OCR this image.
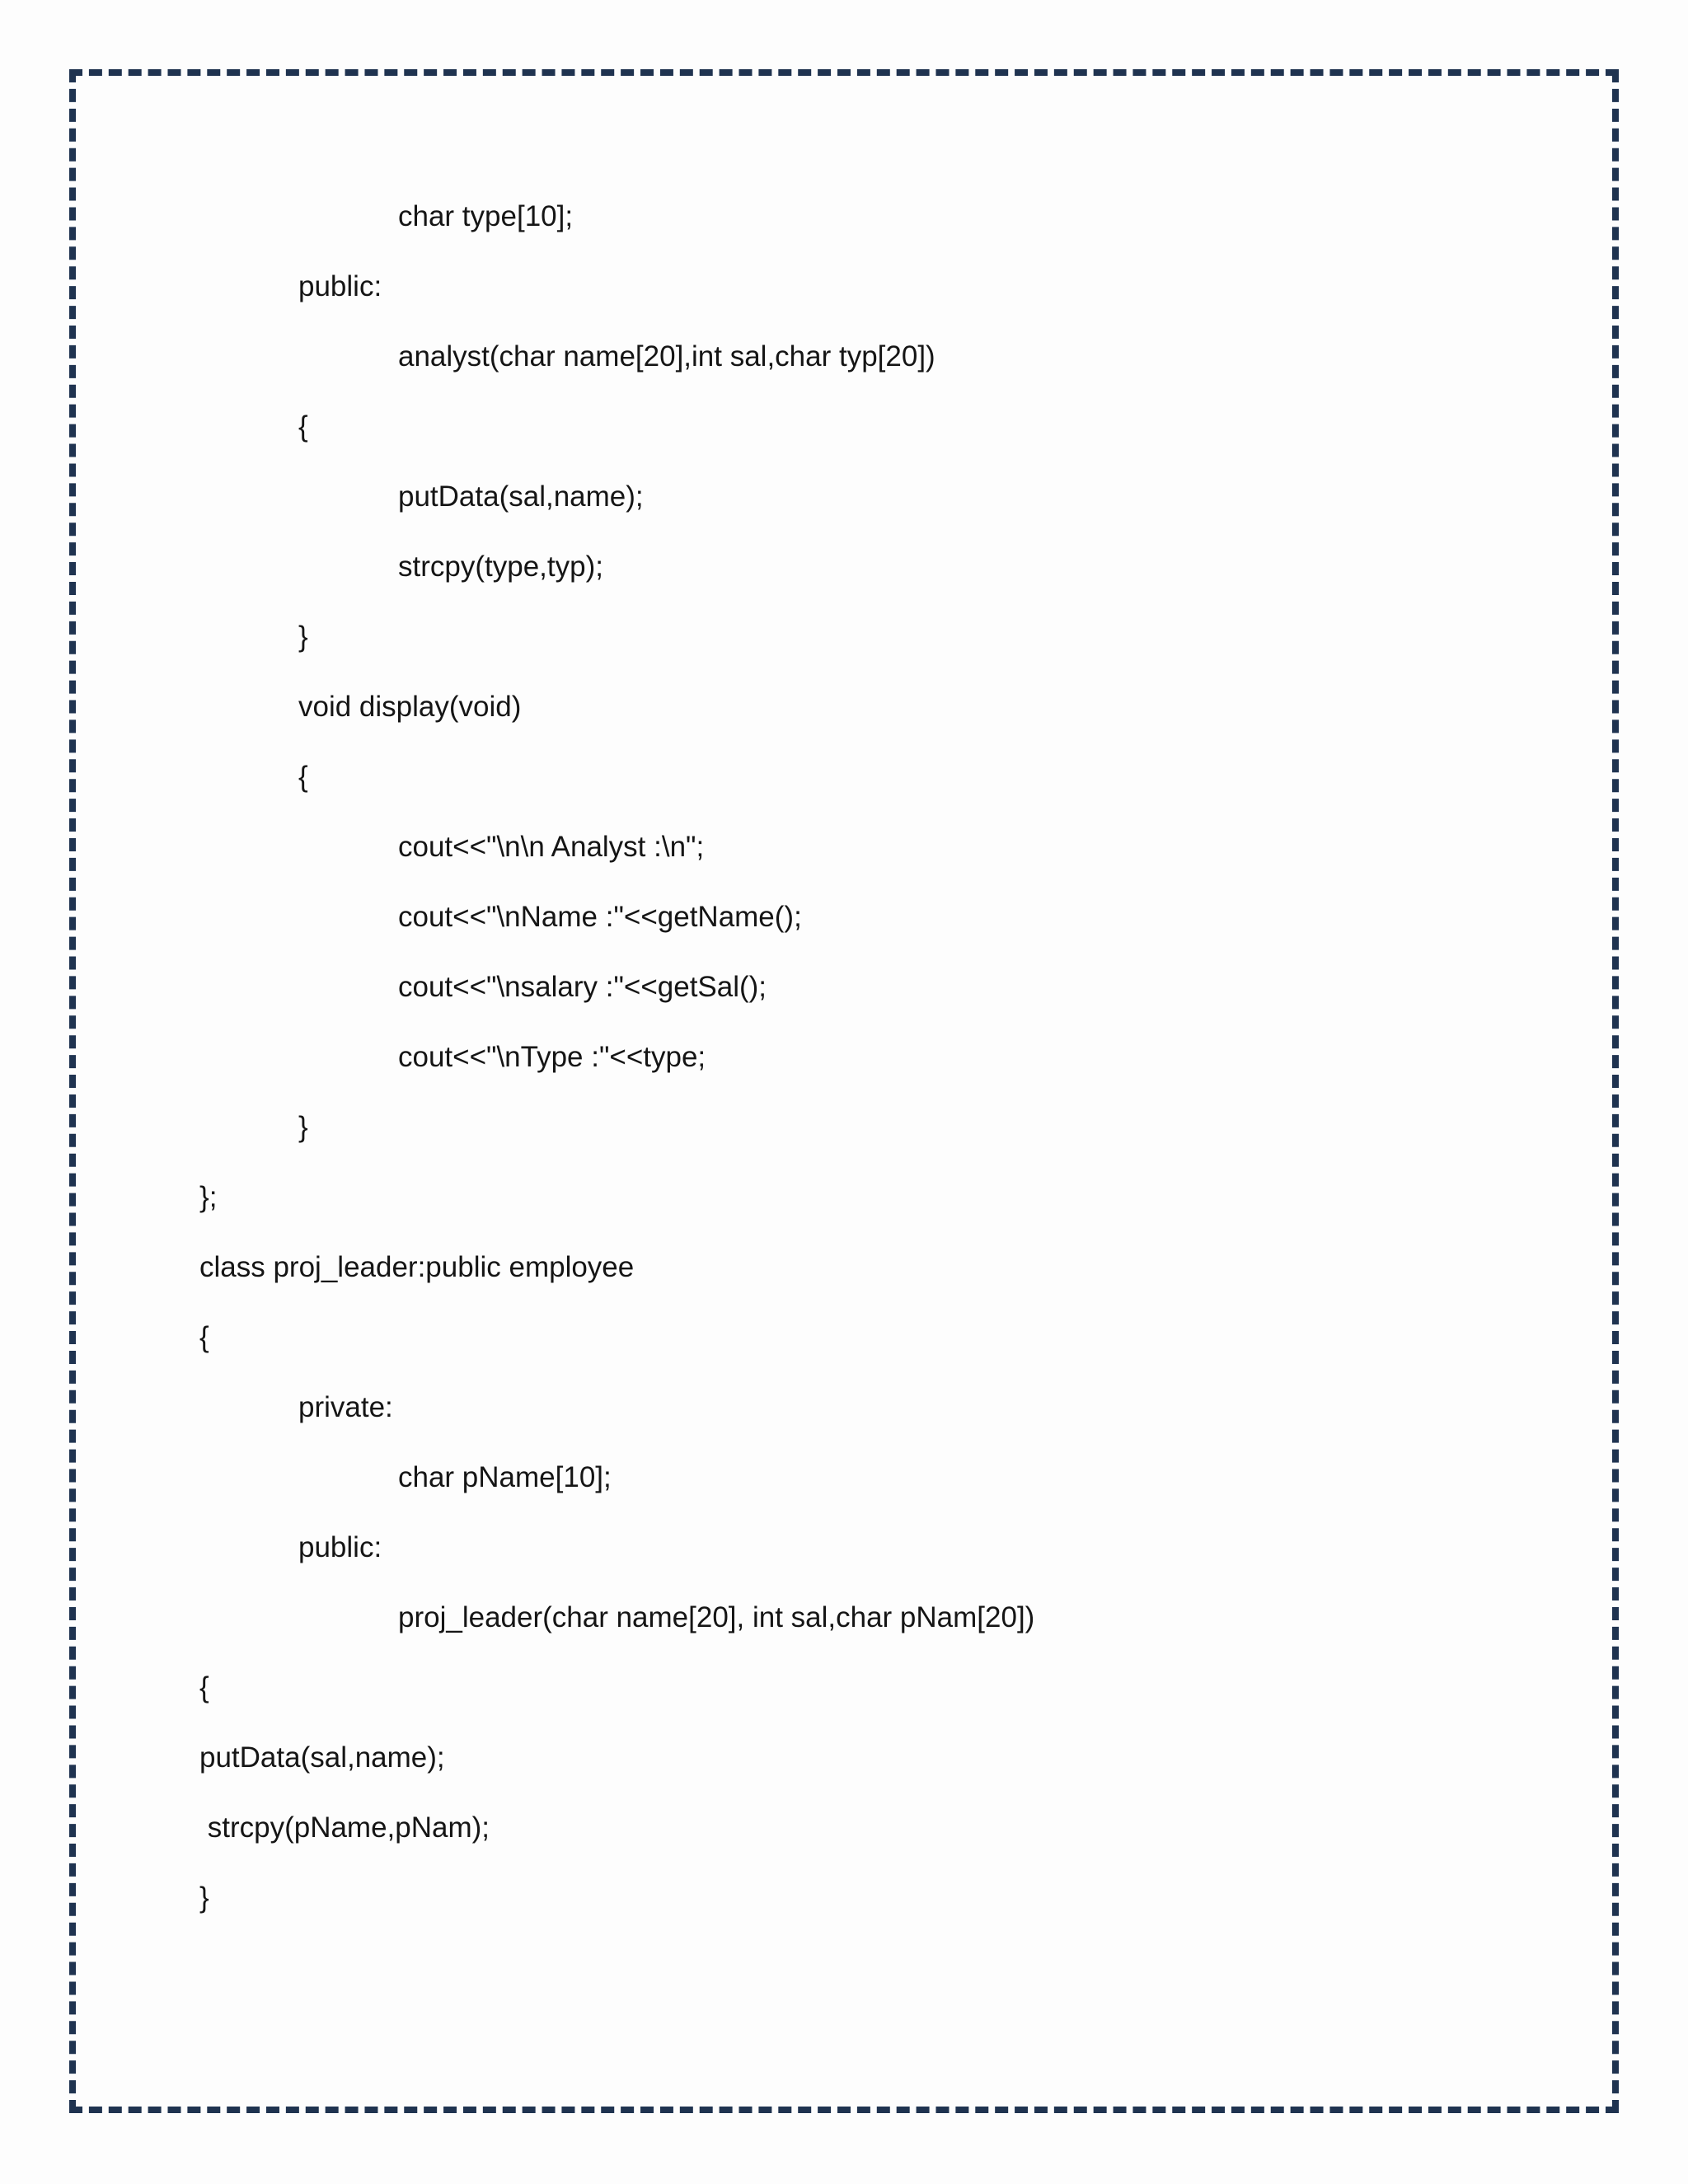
char type[10];
public:
analyst(char name[20],int sal,char typ[20])
{
putData(sal,name);
strcpy(type,typ);
}
void display(void)
{
cout<<"\n\n Analyst :\n";
cout<<"\nName :"<<getName();
cout<<"\nsalary :"<<getSal();
cout<<"\nType :"<<type;
}
};
class proj_leader:public employee
{
private:
char pName[10];
public:
proj_leader(char name[20], int sal,char pNam[20])
{
putData(sal,name);
strcpy(pName,pNam);
}
